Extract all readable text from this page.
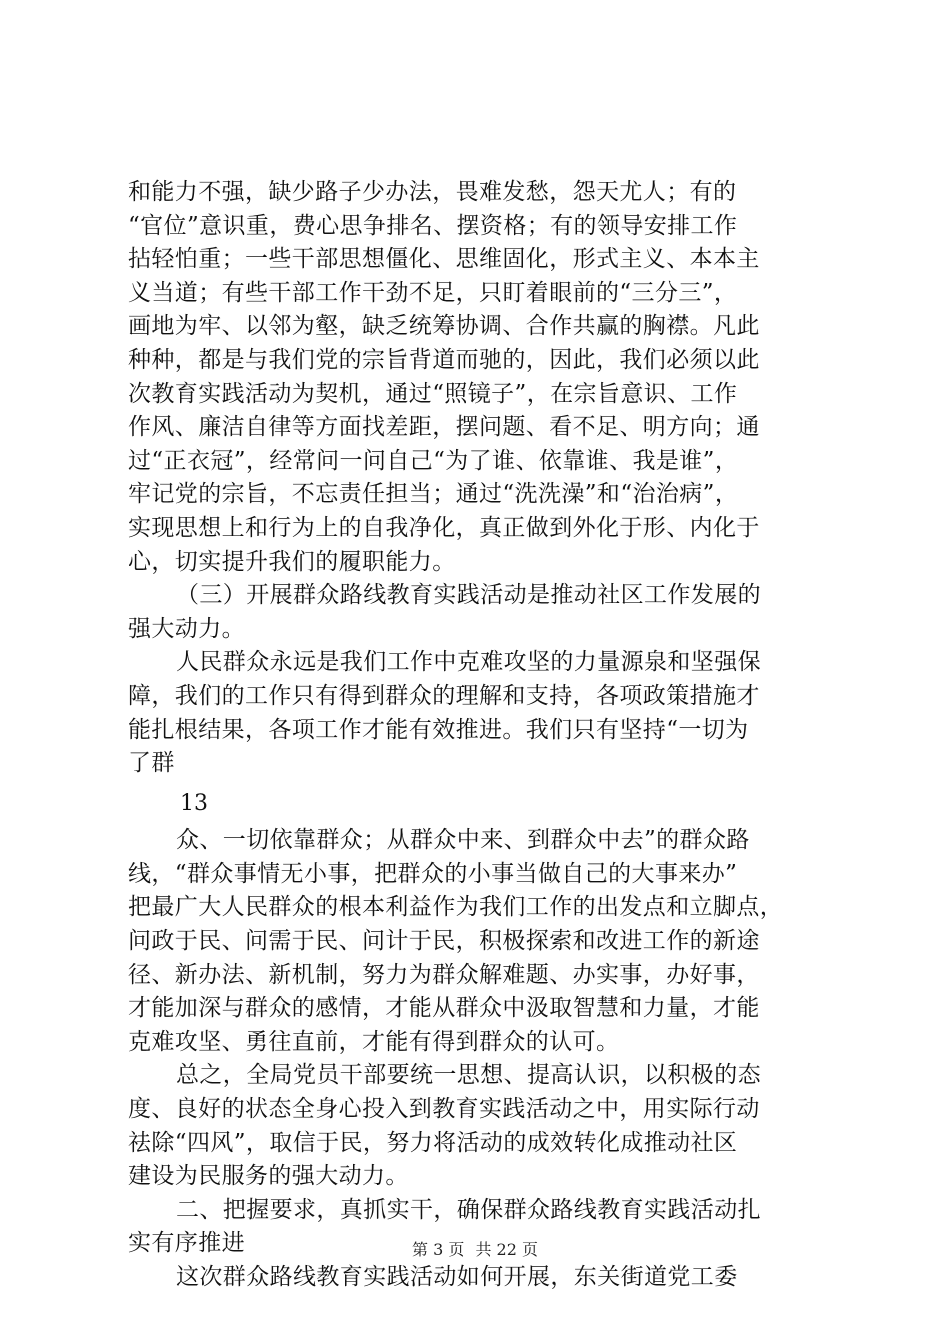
和能力不强，缺少路子少办法，畏难发愁，怨天尤人；有的
“官位”意识重，费心思争排名、摆资格；有的领导安排工作
拈轻怕重；一些干部思想僵化、思维固化，形式主义、本本主
义当道；有些干部工作干劲不足，只盯着眼前的“三分三”，
画地为牢、以邻为壑，缺乏统筹协调、合作共赢的胸襟。凡此
种种，都是与我们党的宗旨背道而驰的，因此，我们必须以此
次教育实践活动为契机，通过“照镜子”，在宗旨意识、工作
作风、廉洁自律等方面找差距，摆问题、看不足、明方向；通
过“正衣冠”，经常问一问自己“为了谁、依靠谁、我是谁”，
牢记党的宗旨，不忘责任担当；通过“洗洗澡”和“治治病”，
实现思想上和行为上的自我净化，真正做到外化于形、内化于
心，切实提升我们的履职能力。
（三）开展群众路线教育实践活动是推动社区工作发展的
强大动力。
人民群众永远是我们工作中克难攻坚的力量源泉和坚强保
障，我们的工作只有得到群众的理解和支持，各项政策措施才
能扎根结果，各项工作才能有效推进。我们只有坚持“一切为
了群
13
众、一切依靠群众；从群众中来、到群众中去”的群众路
线，“群众事情无小事，把群众的小事当做自己的大事来办”
把最广大人民群众的根本利益作为我们工作的出发点和立脚点，
问政于民、问需于民、问计于民，积极探索和改进工作的新途
径、新办法、新机制，努力为群众解难题、办实事，办好事，
才能加深与群众的感情，才能从群众中汲取智慧和力量，才能
克难攻坚、勇往直前，才能有得到群众的认可。
总之，全局党员干部要统一思想、提高认识，以积极的态
度、良好的状态全身心投入到教育实践活动之中，用实际行动
祛除“四风”，取信于民，努力将活动的成效转化成推动社区
建设为民服务的强大动力。
二、把握要求，真抓实干，确保群众路线教育实践活动扎
实有序推进
这次群众路线教育实践活动如何开展，东关街道党工委
第 3 页 共 22 页
